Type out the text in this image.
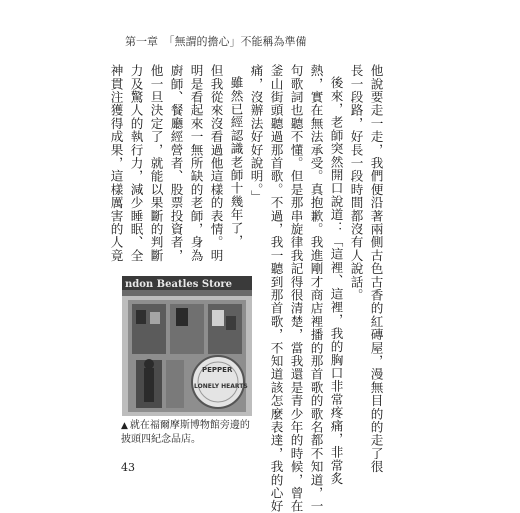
第一章　「無謂的擔心」不能稱為準備
他說要走一走，我們便沿著兩側古色古香的紅磚屋，漫無目的的走了很
長一段路，好長一段時間都沒有人說話。
後來，老師突然開口說道：「這裡、這裡，我的胸口非常疼痛，非常炙
熱，實在無法承受。真抱歉。我進剛才商店裡播的那首歌的歌名都不知道，一
句歌詞也聽不懂。但是那串旋律我記得很清楚，當我還是青少年的時候，曾在
釜山街頭聽過那首歌。不過，我一聽到那首歌，不知道該怎麼表達，我的心好
痛，沒辦法好好說明。」
雖然已經認識老師十幾年了，
但我從來沒看過他這樣的表情。明
明是看起來一無所缺的老師，身為
廚師、餐廳經營者、股票投資者，
他一旦決定了，就能以果斷的判斷
力及驚人的執行力，減少睡眠、全
神貫注獲得成果，這樣厲害的人竟
ndon Beatles Store
PEPPER
LONELY HEARTS
▲ 就在福爾摩斯博物館旁邊的披頭四紀念品店。
43
